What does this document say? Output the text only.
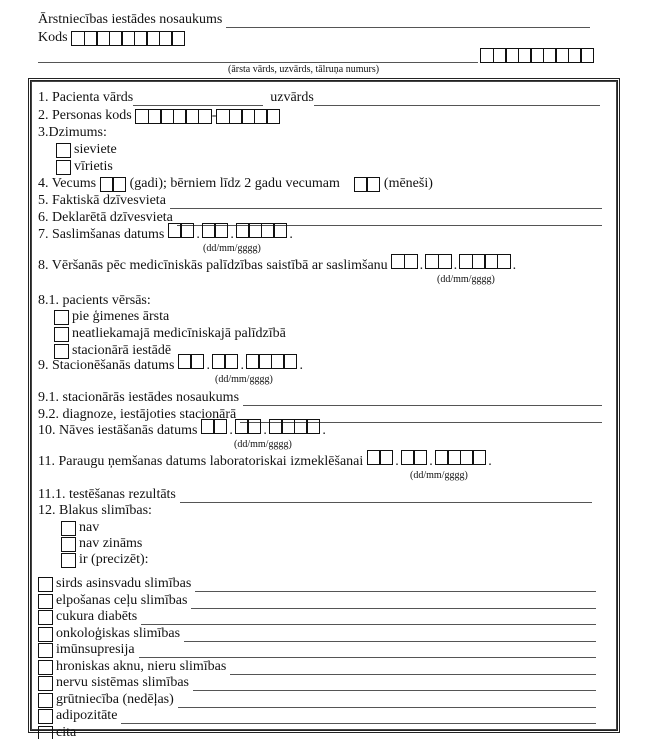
Ārstniecības iestādes nosaukums
Kods

(ārsta vārds, uzvārds, tālruņa numurs)
1. Pacienta vārds
	uzvārds
2. Personas kods
	-
3.Dzimums:
sieviete
vīrietis
4. Vecums

(gadi); bērniem līdz 2 gadu vecumam

	(mēneši)
5. Faktiskā dzīvesvieta
6. Deklarētā dzīvesvieta
7. Saslimšanas datums
	. .	.
(dd/mm/gggg)
8. Vēršanās pēc medicīniskās palīdzības saistībā ar saslimšanu
	. .	.
(dd/mm/gggg)
8.1. pacients vērsās:
pie ģimenes ārsta
neatliekamajā medicīniskajā palīdzībā
stacionārā iestādē
9. Stacionēšanās datums
	. .	.
(dd/mm/gggg)
9.1. stacionārās iestādes nosaukums
9.2. diagnoze, iestājoties stacionārā
10. Nāves iestāšanās datums
	. .	.
(dd/mm/gggg)
11. Paraugu ņemšanas datums laboratoriskai izmeklēšanai
	. .	.
(dd/mm/gggg)
11.1. testēšanas rezultāts
12. Blakus slimības:
nav
nav zināms
ir (precizēt):
sirds asinsvadu slimības
elpošanas ceļu slimības
cukura diabēts
onkoloģiskas slimības
imūnsupresija
hroniskas aknu, nieru slimības
nervu sistēmas slimības
grūtniecība (nedēļas)
adipozitāte
cita
